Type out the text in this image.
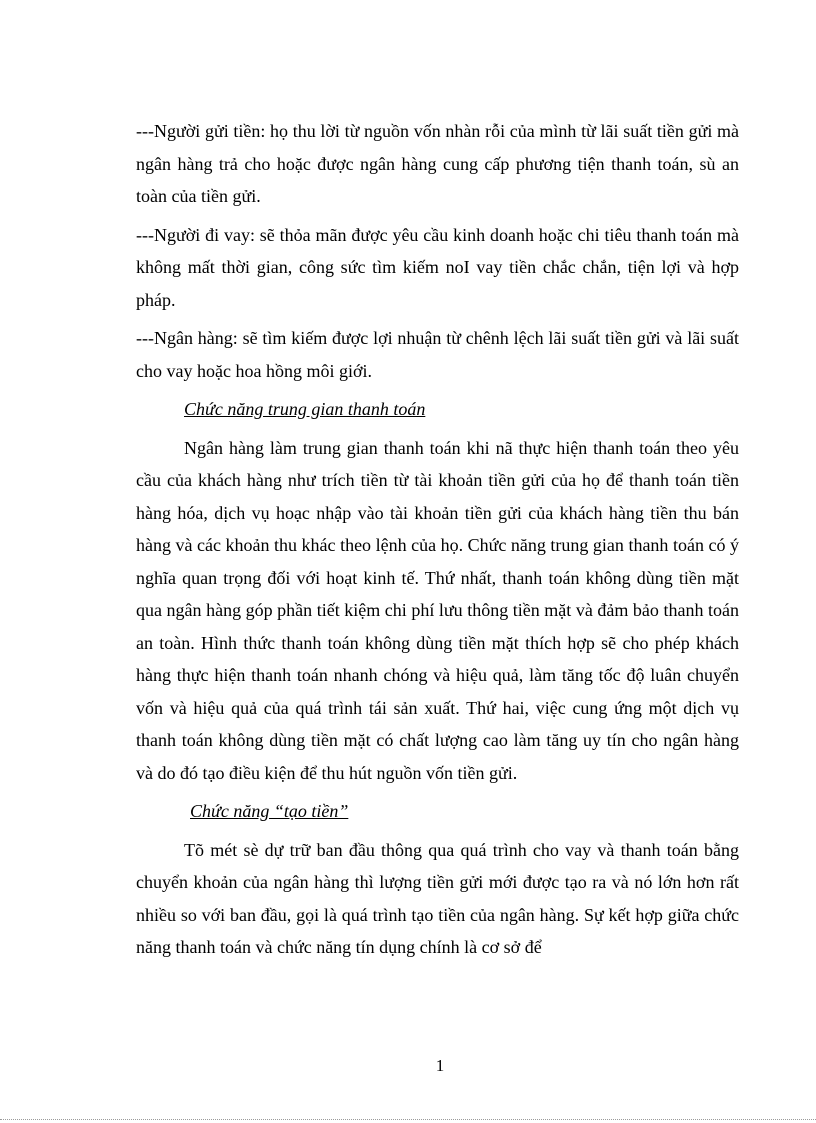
---Người gửi tiền: họ thu lời từ nguồn vốn nhàn rỗi của mình từ lãi suất tiền gửi mà ngân hàng trả cho hoặc được ngân hàng cung cấp phương tiện thanh toán, sù an toàn của tiền gửi.

---Người đi vay: sẽ thỏa mãn được yêu cầu kinh doanh hoặc chi tiêu thanh toán mà không mất thời gian, công sức tìm kiếm noI vay tiền chắc chắn, tiện lợi và hợp pháp.

---Ngân hàng: sẽ tìm kiếm được lợi nhuận từ chênh lệch lãi suất tiền gửi và lãi suất cho vay hoặc hoa hồng môi giới.

Chức năng trung gian thanh toán

Ngân hàng làm trung gian thanh toán khi nã thực hiện thanh toán theo yêu cầu của khách hàng như trích tiền từ tài khoản tiền gửi của họ để thanh toán tiền hàng hóa, dịch vụ hoạc nhập vào tài khoản tiền gửi của khách hàng tiền thu bán hàng và các khoản thu khác theo lệnh của họ. Chức năng trung gian thanh toán có ý nghĩa quan trọng đối với hoạt kinh tế. Thứ nhất, thanh toán không dùng tiền mặt qua ngân hàng góp phần tiết kiệm chi phí lưu thông tiền mặt và đảm bảo thanh toán an toàn. Hình thức thanh toán không dùng tiền mặt thích hợp sẽ cho phép khách hàng thực hiện thanh toán nhanh chóng và hiệu quả, làm tăng tốc độ luân chuyển vốn và hiệu quả của quá trình tái sản xuất. Thứ hai, việc cung ứng một dịch vụ thanh toán không dùng tiền mặt có chất lượng cao làm tăng uy tín cho ngân hàng và do đó tạo điều kiện để thu hút nguồn vốn tiền gửi.

Chức năng “tạo tiền”

Tõ mét sè dự trữ ban đầu thông qua quá trình cho vay và thanh toán bằng chuyển khoản của ngân hàng thì lượng tiền gửi mới được tạo ra và nó lớn hơn rất nhiều so với ban đầu, gọi là quá trình tạo tiền của ngân hàng. Sự kết hợp giữa chức năng thanh toán và chức năng tín dụng chính là cơ sở để

1
